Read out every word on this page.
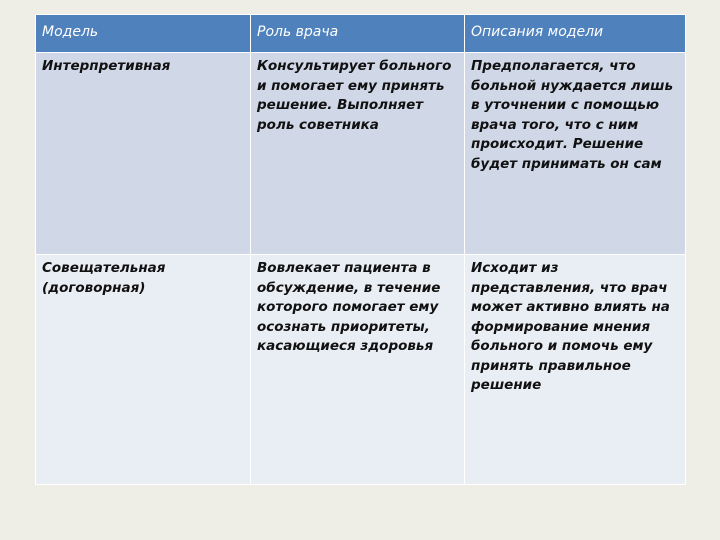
Модель	Роль врача	Описания модели
Интерпретивная	Консультирует больного и помогает ему принять решение. Выполняет роль советника	Предполагается, что больной нуждается лишь в уточнении с помощью врача того, что с ним происходит. Решение будет принимать он сам
Совещательная (договорная)	Вовлекает пациента в обсуждение, в течение которого помогает ему осознать приоритеты, касающиеся здоровья	Исходит из представления, что врач может активно влиять на формирование мнения больного и помочь ему принять правильное решение
